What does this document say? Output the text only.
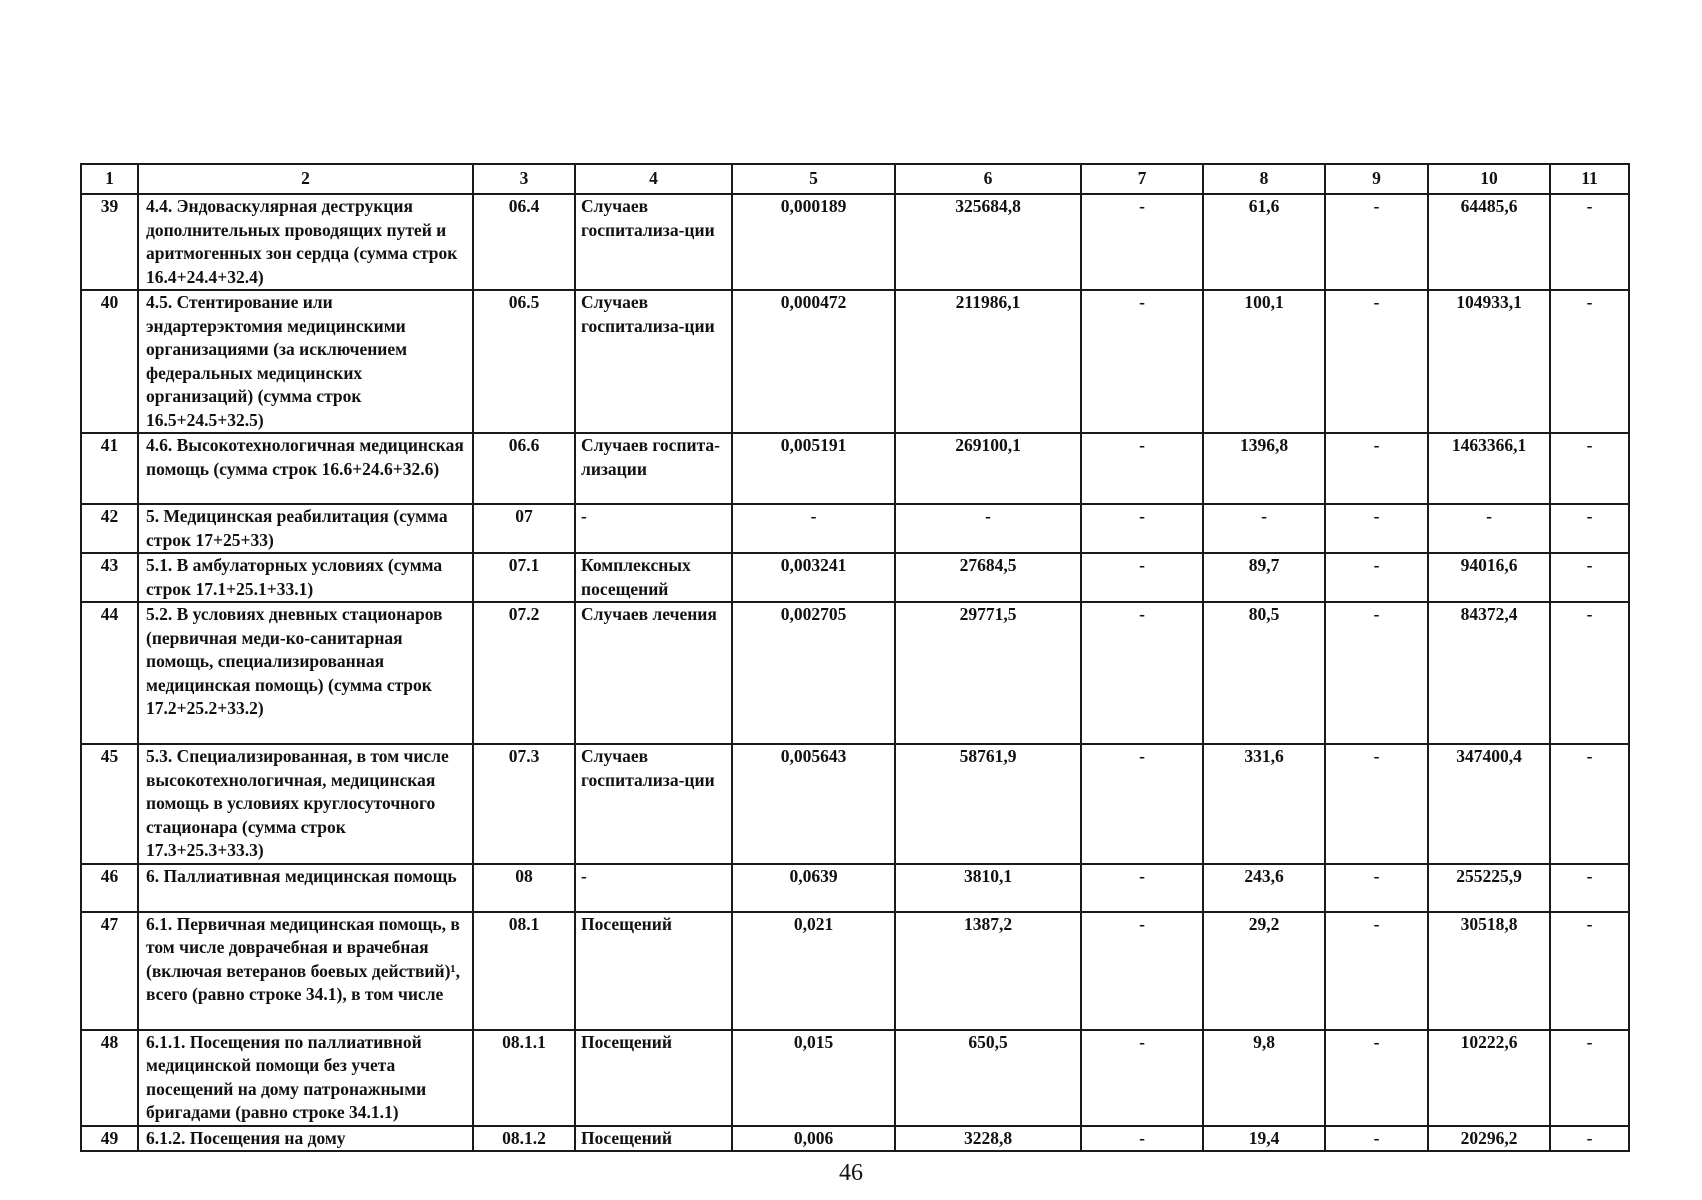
1	2	3	4	5	6	7	8	9	10	11
39	4.4. Эндоваскулярная деструкция дополнительных проводящих путей и аритмогенных зон сердца (сумма строк 16.4+24.4+32.4)	06.4	Случаев госпитализа-ции	0,000189	325684,8	-	61,6	-	64485,6	-
40	4.5. Стентирование или эндартерэктомия медицинскими организациями (за исключением федеральных медицинских организаций) (сумма строк 16.5+24.5+32.5)	06.5	Случаев госпитализа-ции	0,000472	211986,1	-	100,1	-	104933,1	-
41	4.6. Высокотехнологичная медицинская помощь (сумма строк 16.6+24.6+32.6)	06.6	Случаев госпита-лизации	0,005191	269100,1	-	1396,8	-	1463366,1	-
42	5. Медицинская реабилитация (сумма строк 17+25+33)	07	-	-	-	-	-	-	-	-
43	5.1. В амбулаторных условиях (сумма строк 17.1+25.1+33.1)	07.1	Комплексных посещений	0,003241	27684,5	-	89,7	-	94016,6	-
44	5.2. В условиях дневных стационаров (первичная меди-ко-санитарная помощь, специализированная медицинская помощь) (сумма строк 17.2+25.2+33.2)	07.2	Случаев лечения	0,002705	29771,5	-	80,5	-	84372,4	-
45	5.3. Специализированная, в том числе высокотехнологичная, медицинская помощь в условиях круглосуточного стационара (сумма строк 17.3+25.3+33.3)	07.3	Случаев госпитализа-ции	0,005643	58761,9	-	331,6	-	347400,4	-
46	6. Паллиативная медицинская помощь	08	-	0,0639	3810,1	-	243,6	-	255225,9	-
47	6.1. Первичная медицинская помощь, в том числе доврачебная и врачебная (включая ветеранов боевых действий)¹, всего (равно строке 34.1), в том числе	08.1	Посещений	0,021	1387,2	-	29,2	-	30518,8	-
48	6.1.1. Посещения по паллиативной медицинской помощи без учета посещений на дому патронажными бригадами (равно строке 34.1.1)	08.1.1	Посещений	0,015	650,5	-	9,8	-	10222,6	-
49	6.1.2. Посещения на дому	08.1.2	Посещений	0,006	3228,8	-	19,4	-	20296,2	-
46
